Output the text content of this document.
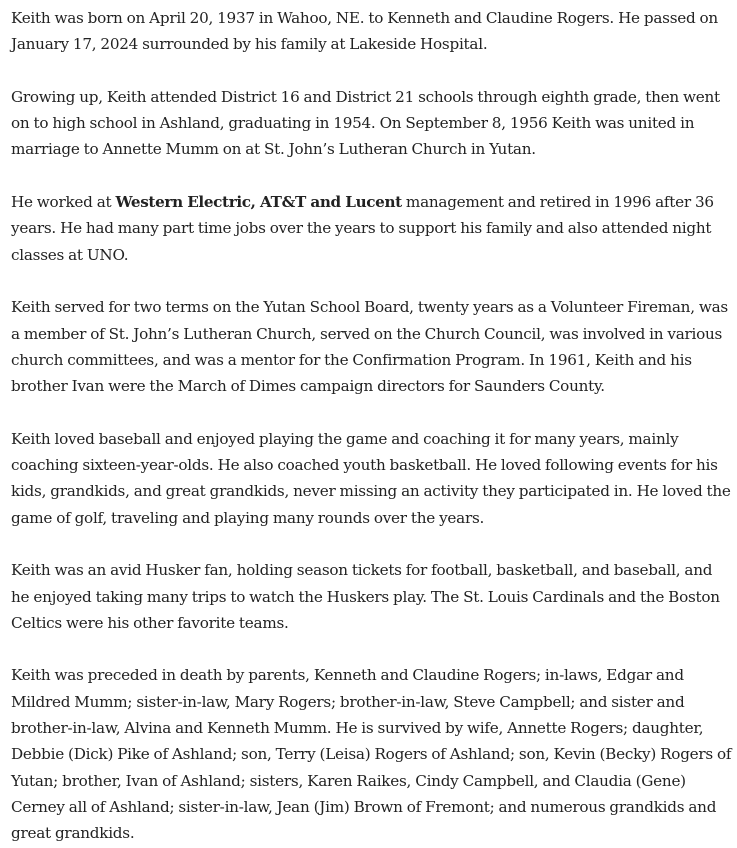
Keith was born on April 20, 1937 in Wahoo, NE. to Kenneth and Claudine Rogers. He passed on January 17, 2024 surrounded by his family at Lakeside Hospital.

Growing up, Keith attended District 16 and District 21 schools through eighth grade, then went on to high school in Ashland, graduating in 1954. On September 8, 1956 Keith was united in marriage to Annette Mumm on at St. John’s Lutheran Church in Yutan.

He worked at Western Electric, AT&T and Lucent management and retired in 1996 after 36 years. He had many part time jobs over the years to support his family and also attended night classes at UNO.

Keith served for two terms on the Yutan School Board, twenty years as a Volunteer Fireman, was a member of St. John’s Lutheran Church, served on the Church Council, was involved in various church committees, and was a mentor for the Confirmation Program. In 1961, Keith and his brother Ivan were the March of Dimes campaign directors for Saunders County.

Keith loved baseball and enjoyed playing the game and coaching it for many years, mainly coaching sixteen-year-olds. He also coached youth basketball. He loved following events for his kids, grandkids, and great grandkids, never missing an activity they participated in. He loved the game of golf, traveling and playing many rounds over the years.

Keith was an avid Husker fan, holding season tickets for football, basketball, and baseball, and he enjoyed taking many trips to watch the Huskers play. The St. Louis Cardinals and the Boston Celtics were his other favorite teams.

Keith was preceded in death by parents, Kenneth and Claudine Rogers; in-laws, Edgar and Mildred Mumm; sister-in-law, Mary Rogers; brother-in-law, Steve Campbell; and sister and brother-in-law, Alvina and Kenneth Mumm. He is survived by wife, Annette Rogers; daughter, Debbie (Dick) Pike of Ashland; son, Terry (Leisa) Rogers of Ashland; son, Kevin (Becky) Rogers of Yutan; brother, Ivan of Ashland; sisters, Karen Raikes, Cindy Campbell, and Claudia (Gene) Cerney all of Ashland; sister-in-law, Jean (Jim) Brown of Fremont; and numerous grandkids and great grandkids.
